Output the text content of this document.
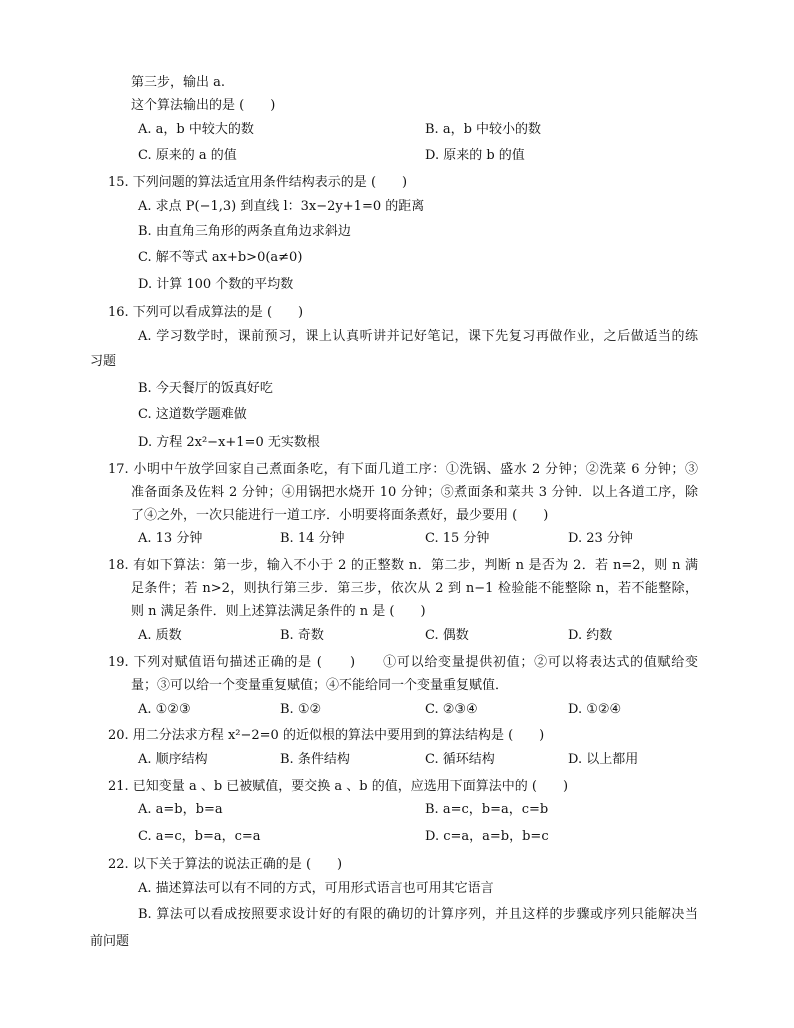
第三步，输出 a.
这个算法输出的是 (　　)
A. a，b 中较大的数	B. a，b 中较小的数
C. 原来的 a 的值	D. 原来的 b 的值
15. 下列问题的算法适宜用条件结构表示的是 (　　)
A. 求点 P(−1,3) 到直线 l：3x−2y+1=0 的距离
B. 由直角三角形的两条直角边求斜边
C. 解不等式 ax+b>0(a≠0)
D. 计算 100 个数的平均数
16. 下列可以看成算法的是 (　　)
A. 学习数学时，课前预习，课上认真听讲并记好笔记，课下先复习再做作业，之后做适当的练
习题
B. 今天餐厅的饭真好吃
C. 这道数学题难做
D. 方程 2x²−x+1=0 无实数根
17. 小明中午放学回家自己煮面条吃，有下面几道工序：①洗锅、盛水 2 分钟；②洗菜 6 分钟；③
准备面条及佐料 2 分钟；④用锅把水烧开 10 分钟；⑤煮面条和菜共 3 分钟．以上各道工序，除
了④之外，一次只能进行一道工序．小明要将面条煮好，最少要用 (　　)
A. 13 分钟	B. 14 分钟	C. 15 分钟	D. 23 分钟
18. 有如下算法：第一步，输入不小于 2 的正整数 n．第二步，判断 n 是否为 2．若 n=2，则 n 满
足条件；若 n>2，则执行第三步．第三步，依次从 2 到 n−1 检验能不能整除 n，若不能整除，
则 n 满足条件．则上述算法满足条件的 n 是 (　　)
A. 质数	B. 奇数	C. 偶数	D. 约数
19. 下列对赋值语句描述正确的是 (　　)　　①可以给变量提供初值；②可以将表达式的值赋给变
量；③可以给一个变量重复赋值；④不能给同一个变量重复赋值．
A. ①②③	B. ①②	C. ②③④	D. ①②④
20. 用二分法求方程 x²−2=0 的近似根的算法中要用到的算法结构是 (　　)
A. 顺序结构	B. 条件结构	C. 循环结构	D. 以上都用
21. 已知变量 a 、b 已被赋值，要交换 a 、b 的值，应选用下面算法中的 (　　)
A. a=b，b=a	B. a=c，b=a，c=b
C. a=c，b=a，c=a	D. c=a，a=b，b=c
22. 以下关于算法的说法正确的是 (　　)
A. 描述算法可以有不同的方式，可用形式语言也可用其它语言
B. 算法可以看成按照要求设计好的有限的确切的计算序列，并且这样的步骤或序列只能解决当
前问题
